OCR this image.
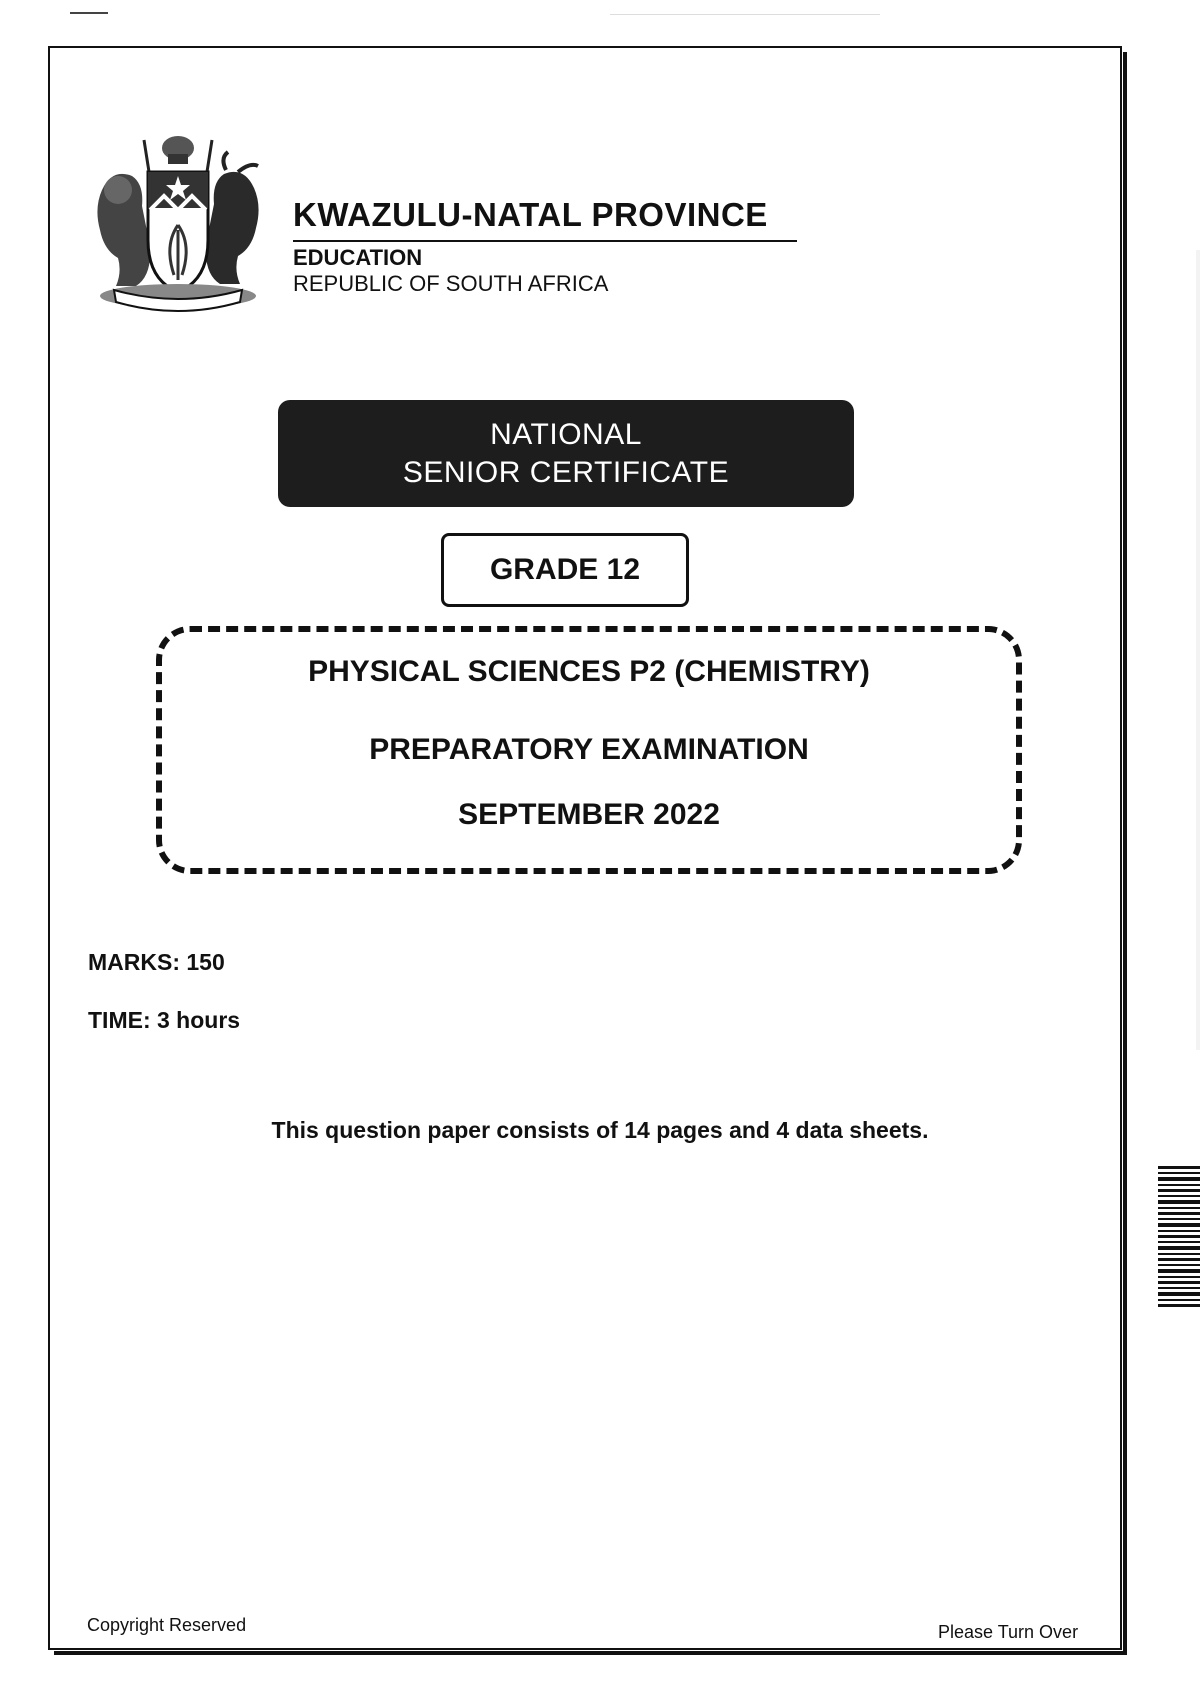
KWAZULU-NATAL PROVINCE
EDUCATION
REPUBLIC OF SOUTH AFRICA
NATIONAL
SENIOR CERTIFICATE
GRADE 12
PHYSICAL SCIENCES P2 (CHEMISTRY)
PREPARATORY EXAMINATION
SEPTEMBER 2022
MARKS: 150
TIME: 3 hours
This question paper consists of 14 pages and 4 data sheets.
Copyright Reserved	Please Turn Over
